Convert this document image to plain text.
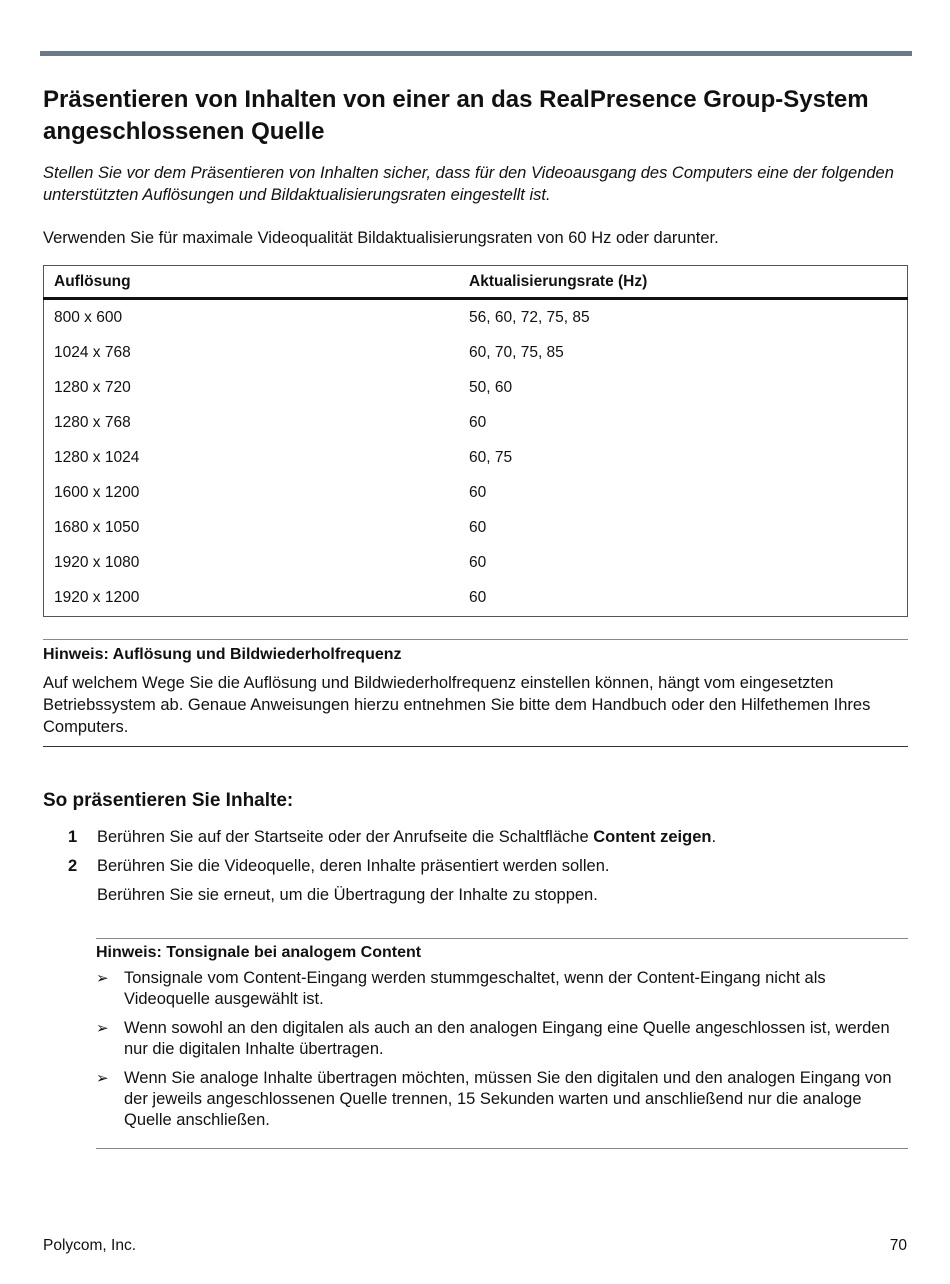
Präsentieren von Inhalten von einer an das RealPresence Group-System angeschlossenen Quelle

Stellen Sie vor dem Präsentieren von Inhalten sicher, dass für den Videoausgang des Computers eine der folgenden unterstützten Auflösungen und Bildaktualisierungsraten eingestellt ist.

Verwenden Sie für maximale Videoqualität Bildaktualisierungsraten von 60 Hz oder darunter.

Auflösung	Aktualisierungsrate (Hz)
800 x 600	56, 60, 72, 75, 85
1024 x 768	60, 70, 75, 85
1280 x 720	50, 60
1280 x 768	60
1280 x 1024	60, 75
1600 x 1200	60
1680 x 1050	60
1920 x 1080	60
1920 x 1200	60
Hinweis: Auflösung und Bildwiederholfrequenz

Auf welchem Wege Sie die Auflösung und Bildwiederholfrequenz einstellen können, hängt vom eingesetzten Betriebssystem ab. Genaue Anweisungen hierzu entnehmen Sie bitte dem Handbuch oder den Hilfethemen Ihres Computers.

So präsentieren Sie Inhalte:
1 Berühren Sie auf der Startseite oder der Anrufseite die Schaltfläche Content zeigen.
2 Berühren Sie die Videoquelle, deren Inhalte präsentiert werden sollen.
Berühren Sie sie erneut, um die Übertragung der Inhalte zu stoppen.
Hinweis: Tonsignale bei analogem Content
➢ Tonsignale vom Content-Eingang werden stummgeschaltet, wenn der Content-Eingang nicht als Videoquelle ausgewählt ist.
➢ Wenn sowohl an den digitalen als auch an den analogen Eingang eine Quelle angeschlossen ist, werden nur die digitalen Inhalte übertragen.
➢ Wenn Sie analoge Inhalte übertragen möchten, müssen Sie den digitalen und den analogen Eingang von der jeweils angeschlossenen Quelle trennen, 15 Sekunden warten und anschließend nur die analoge Quelle anschließen.
Polycom, Inc.	70
